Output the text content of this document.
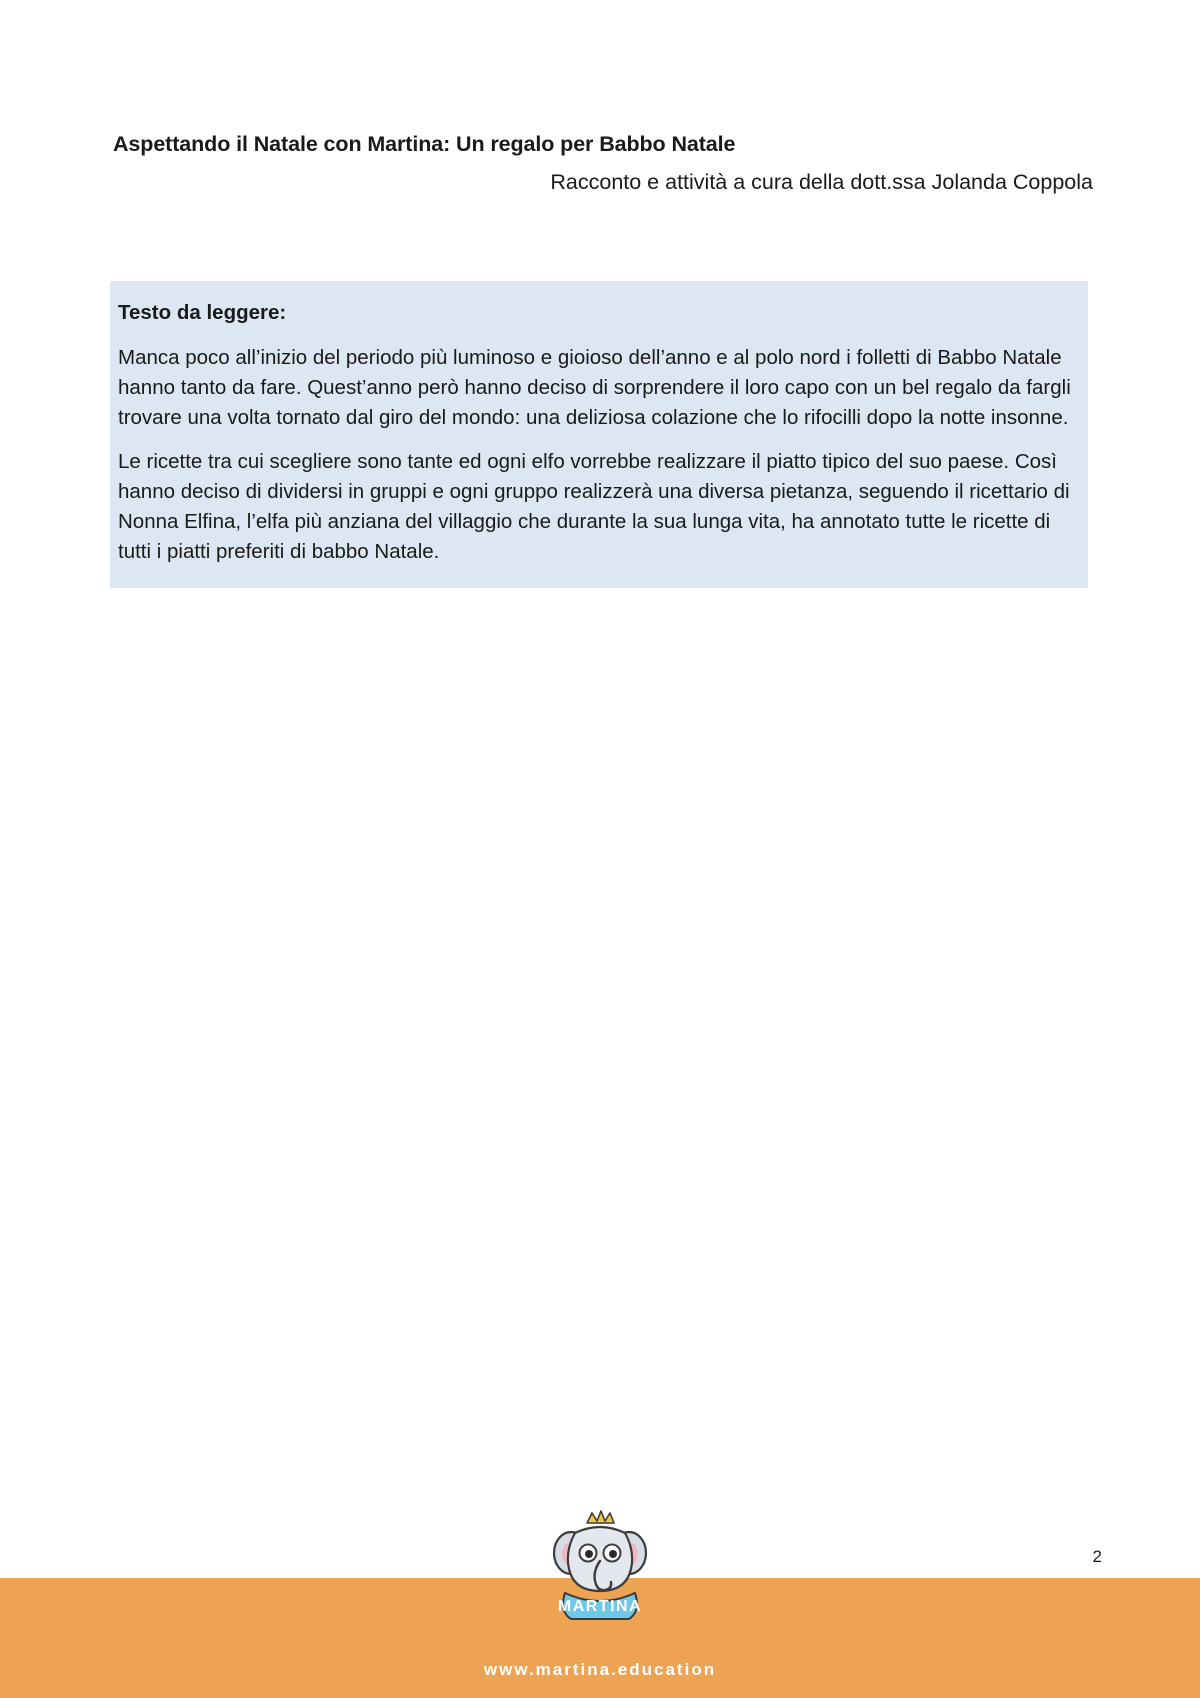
Aspettando il Natale con Martina: Un regalo per Babbo Natale
Racconto e attività a cura della dott.ssa Jolanda Coppola
Testo da leggere:

Manca poco all’inizio del periodo più luminoso e gioioso dell’anno e al polo nord i folletti di Babbo Natale hanno tanto da fare. Quest’anno però hanno deciso di sorprendere il loro capo con un bel regalo da fargli trovare una volta tornato dal giro del mondo: una deliziosa colazione che lo rifocilli dopo la notte insonne.

Le ricette tra cui scegliere sono tante ed ogni elfo vorrebbe realizzare il piatto tipico del suo paese. Così hanno deciso di dividersi in gruppi e ogni gruppo realizzerà una diversa pietanza, seguendo il ricettario di Nonna Elfina, l’elfa più anziana del villaggio che durante la sua lunga vita, ha annotato tutte le ricette di tutti i piatti preferiti di babbo Natale.

2
MARTINA
www.martina.education
